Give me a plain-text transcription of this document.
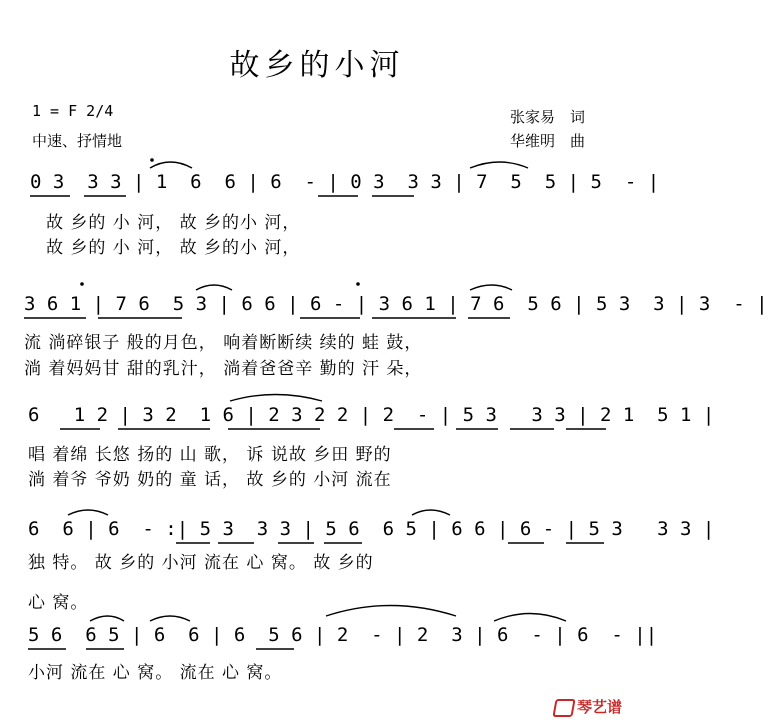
故乡的小河
1 = F 2/4
中速、抒情地
张家易　词
华维明　曲
0 3  3 3 | 1  6  6 | 6  - | 0 3  3 3 | 7  5  5 | 5  - |
故 乡的 小 河， 故 乡的小 河，
故 乡的 小 河， 故 乡的小 河，
3 6 1 | 7 6  5 3 | 6 6 | 6 - | 3 6 1 | 7 6  5 6 | 5 3  3 | 3  - |
流 淌碎银子 般的月色， 响着断断续 续的 蛙 鼓，
淌 着妈妈甘 甜的乳汁， 淌着爸爸辛 勤的 汗 朵，
6   1 2 | 3 2  1 6 | 2 3 2 2 | 2  - | 5 3   3 3 | 2 1  5 1 |
唱 着绵 长悠 扬的 山 歌， 诉 说故 乡田 野的
淌 着爷 爷奶 奶的 童 话， 故 乡的 小河 流在
6  6 | 6  - :| 5 3  3 3 | 5 6  6 5 | 6 6 | 6 - | 5 3   3 3 |
独 特。 故 乡的 小河 流在 心 窝。 故 乡的
心 窝。
5 6  6 5 | 6  6 | 6  5 6 | 2  - | 2  3 | 6  - | 6  - ||
小河 流在 心 窝。 流在 心 窝。
琴艺谱
